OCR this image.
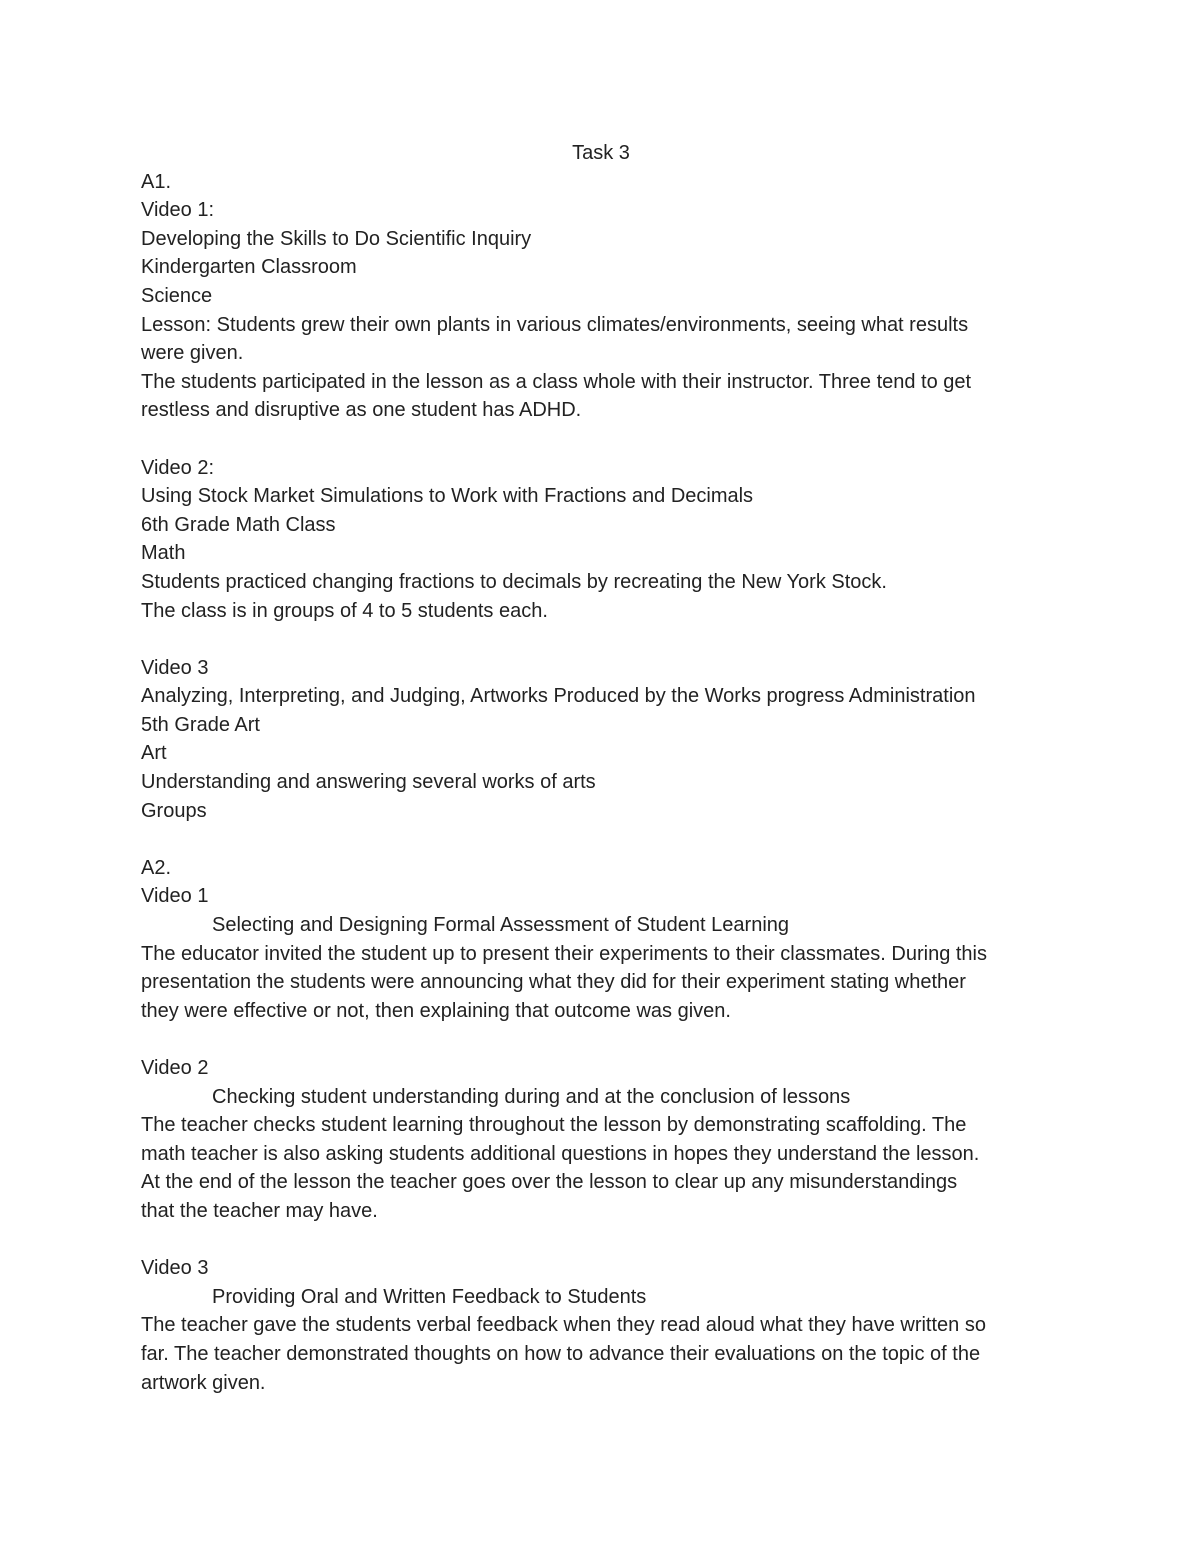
Task 3

A1.

Video 1:

Developing the Skills to Do Scientific Inquiry

Kindergarten Classroom

Science

Lesson: Students grew their own plants in various climates/environments, seeing what results

were given.

The students participated in the lesson as a class whole with their instructor. Three tend to get

restless and disruptive as one student has ADHD.

Video 2:

Using Stock Market Simulations to Work with Fractions and Decimals

6th Grade Math Class

Math

Students practiced changing fractions to decimals by recreating the New York Stock.

The class is in groups of 4 to 5 students each.

Video 3

Analyzing, Interpreting, and Judging, Artworks Produced by the Works progress Administration

5th Grade Art

Art

Understanding and answering several works of arts

Groups

A2.

Video 1

Selecting and Designing Formal Assessment of Student Learning

The educator invited the student up to present their experiments to their classmates. During this

presentation the students were announcing what they did for their experiment stating whether

they were effective or not, then explaining that outcome was given.

Video 2

Checking student understanding during and at the conclusion of lessons

The teacher checks student learning throughout the lesson by demonstrating scaffolding. The

math teacher is also asking students additional questions in hopes they understand the lesson.

At the end of the lesson the teacher goes over the lesson to clear up any misunderstandings

that the teacher may have.

Video 3

Providing Oral and Written Feedback to Students

The teacher gave the students verbal feedback when they read aloud what they have written so

far. The teacher demonstrated thoughts on how to advance their evaluations on the topic of the

artwork given.
